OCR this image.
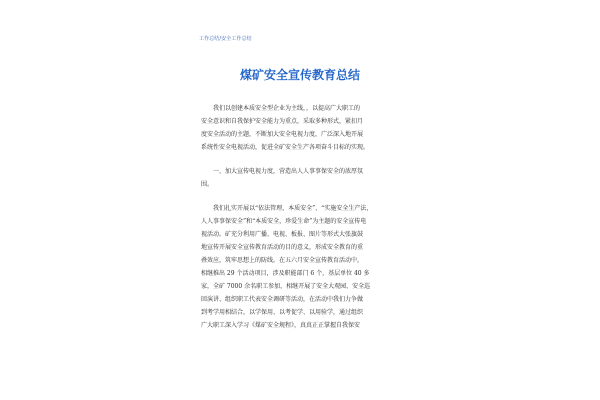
工作总结/安全工作总结
煤矿安全宣传教育总结
　　我们以创建本质安全型企业为主线，，以提高广大职工的
安全意识和自我保护安全能力为重点，采取多种形式，紧扣月
度安全活动的主题，不断加大安全电视力度，广泛深入地开展
系统性安全电视活动，促进全矿安全生产各项奋斗目标的实现。
　　一、加大宣传电视力度，营造出人人事事保安全的浓厚氛
围。
　　我们扎实开展以“依法管理，本质安全”、“实施安全生产法，
人人事事保安全”和“本质安全，珍爱生命”为主题的安全宣传电
视活动。矿充分利用广播、电视、板报、图片等形式大张旗鼓
地宣传开展安全宣传教育活动的目的意义，形成安全教育的重
叠效应，筑牢思想上的防线。在五六月安全宣传教育活动中，
相继推出 29 个活动项目，涉及职能部门 6 个，基层单位 40 多
家，全矿 7000 余名职工参加，相继开展了安全大观园、安全巡
回演讲、组织职工代表安全调研等活动，在活动中我们力争做
到考学用相结合，以学保用、以考促学、以用验学，通过组织
广大职工深入学习《煤矿安全规程》，真真正正掌握自我保安
